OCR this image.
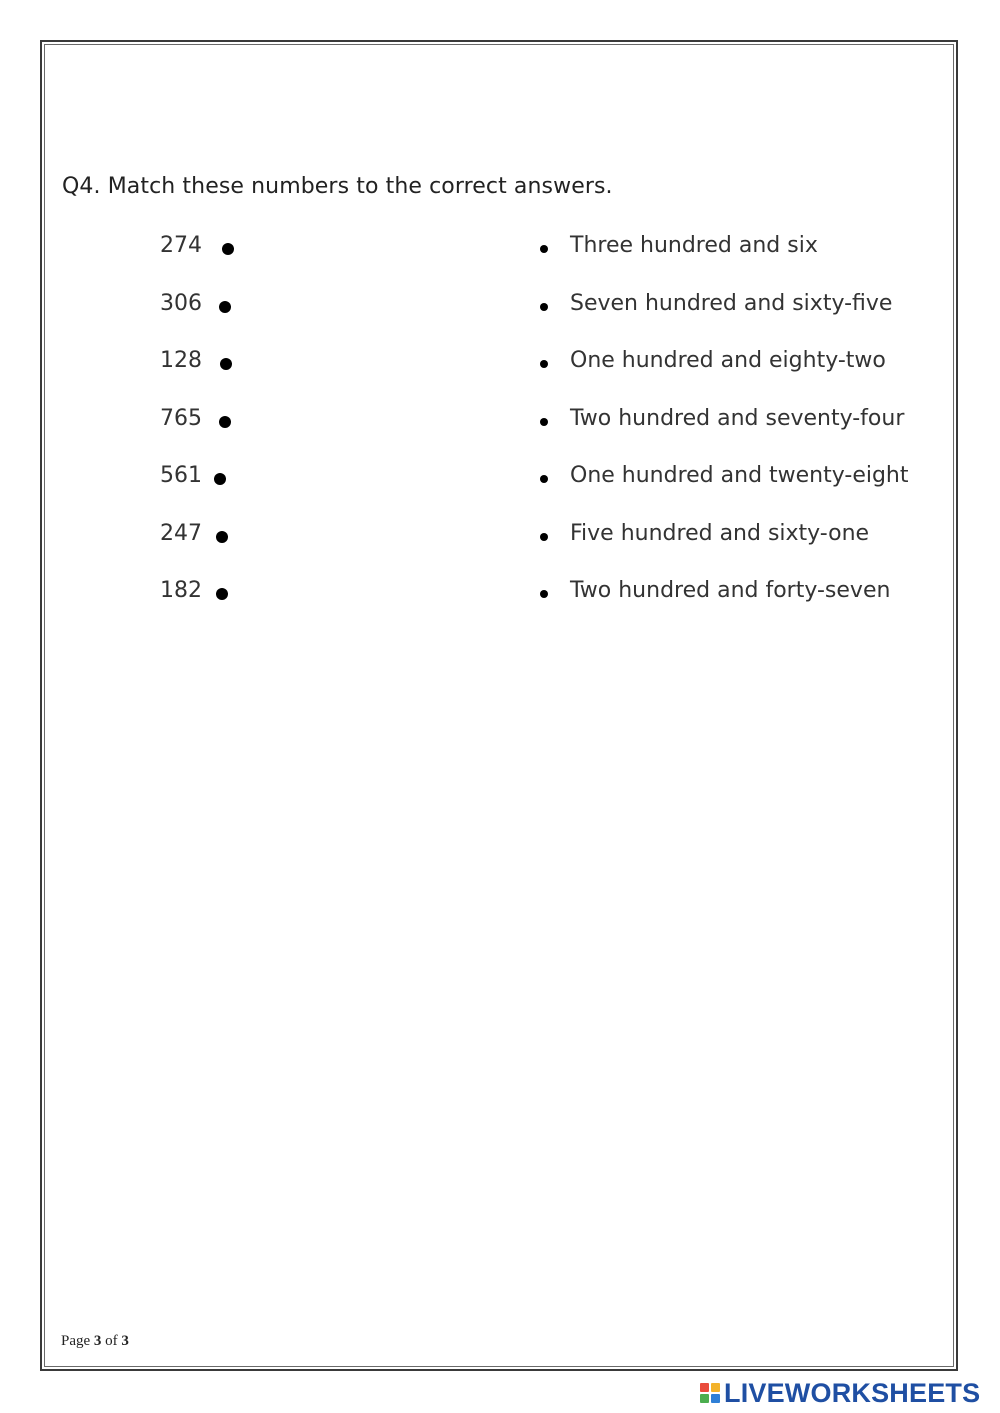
Q4. Match these numbers to the correct answers.
274	Three hundred and six
306	Seven hundred and sixty-five
128	One hundred and eighty-two
765	Two hundred and seventy-four
561	One hundred and twenty-eight
247	Five hundred and sixty-one
182	Two hundred and forty-seven
Page 3 of 3
LIVEWORKSHEETS
